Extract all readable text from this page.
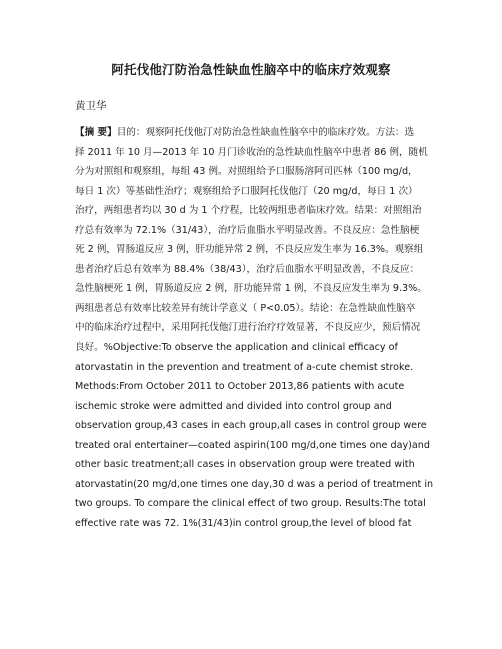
阿托伐他汀防治急性缺血性脑卒中的临床疗效观察
黄卫华
【摘 要】目的：观察阿托伐他汀对防治急性缺血性脑卒中的临床疗效。方法：选
择 2011 年 10 月—2013 年 10 月门诊收治的急性缺血性脑卒中患者 86 例，随机
分为对照组和观察组，每组 43 例。对照组给予口服肠溶阿司匹林（100 mg/d，
每日 1 次）等基础性治疗；观察组给予口服阿托伐他汀（20 mg/d，每日 1 次）
治疗，两组患者均以 30 d 为 1 个疗程，比较两组患者临床疗效。结果：对照组治
疗总有效率为 72.1%（31/43），治疗后血脂水平明显改善。不良反应：急性脑梗
死 2 例，胃肠道反应 3 例，肝功能异常 2 例，不良反应发生率为 16.3%。观察组
患者治疗后总有效率为 88.4%（38/43），治疗后血脂水平明显改善，不良反应：
急性脑梗死 1 例，胃肠道反应 2 例，肝功能异常 1 例，不良反应发生率为 9.3%。
两组患者总有效率比较差异有统计学意义（ P<0.05）。结论：在急性缺血性脑卒
中的临床治疗过程中，采用阿托伐他汀进行治疗疗效显著，不良反应少，预后情况
良好。%Objective:To observe the application and clinical efficacy of
atorvastatin in the prevention and treatment of a-cute chemist stroke.
Methods:From October 2011 to October 2013,86 patients with acute
ischemic stroke were admitted and divided into control group and
observation group,43 cases in each group,all cases in control group were
treated oral entertainer—coated aspirin(100 mg/d,one times one day)and
other basic treatment;all cases in observation group were treated with
atorvastatin(20 mg/d,one times one day,30 d was a period of treatment in
two groups. To compare the clinical effect of two group. Results:The total
effective rate was 72. 1%(31/43)in control group,the level of blood fat
